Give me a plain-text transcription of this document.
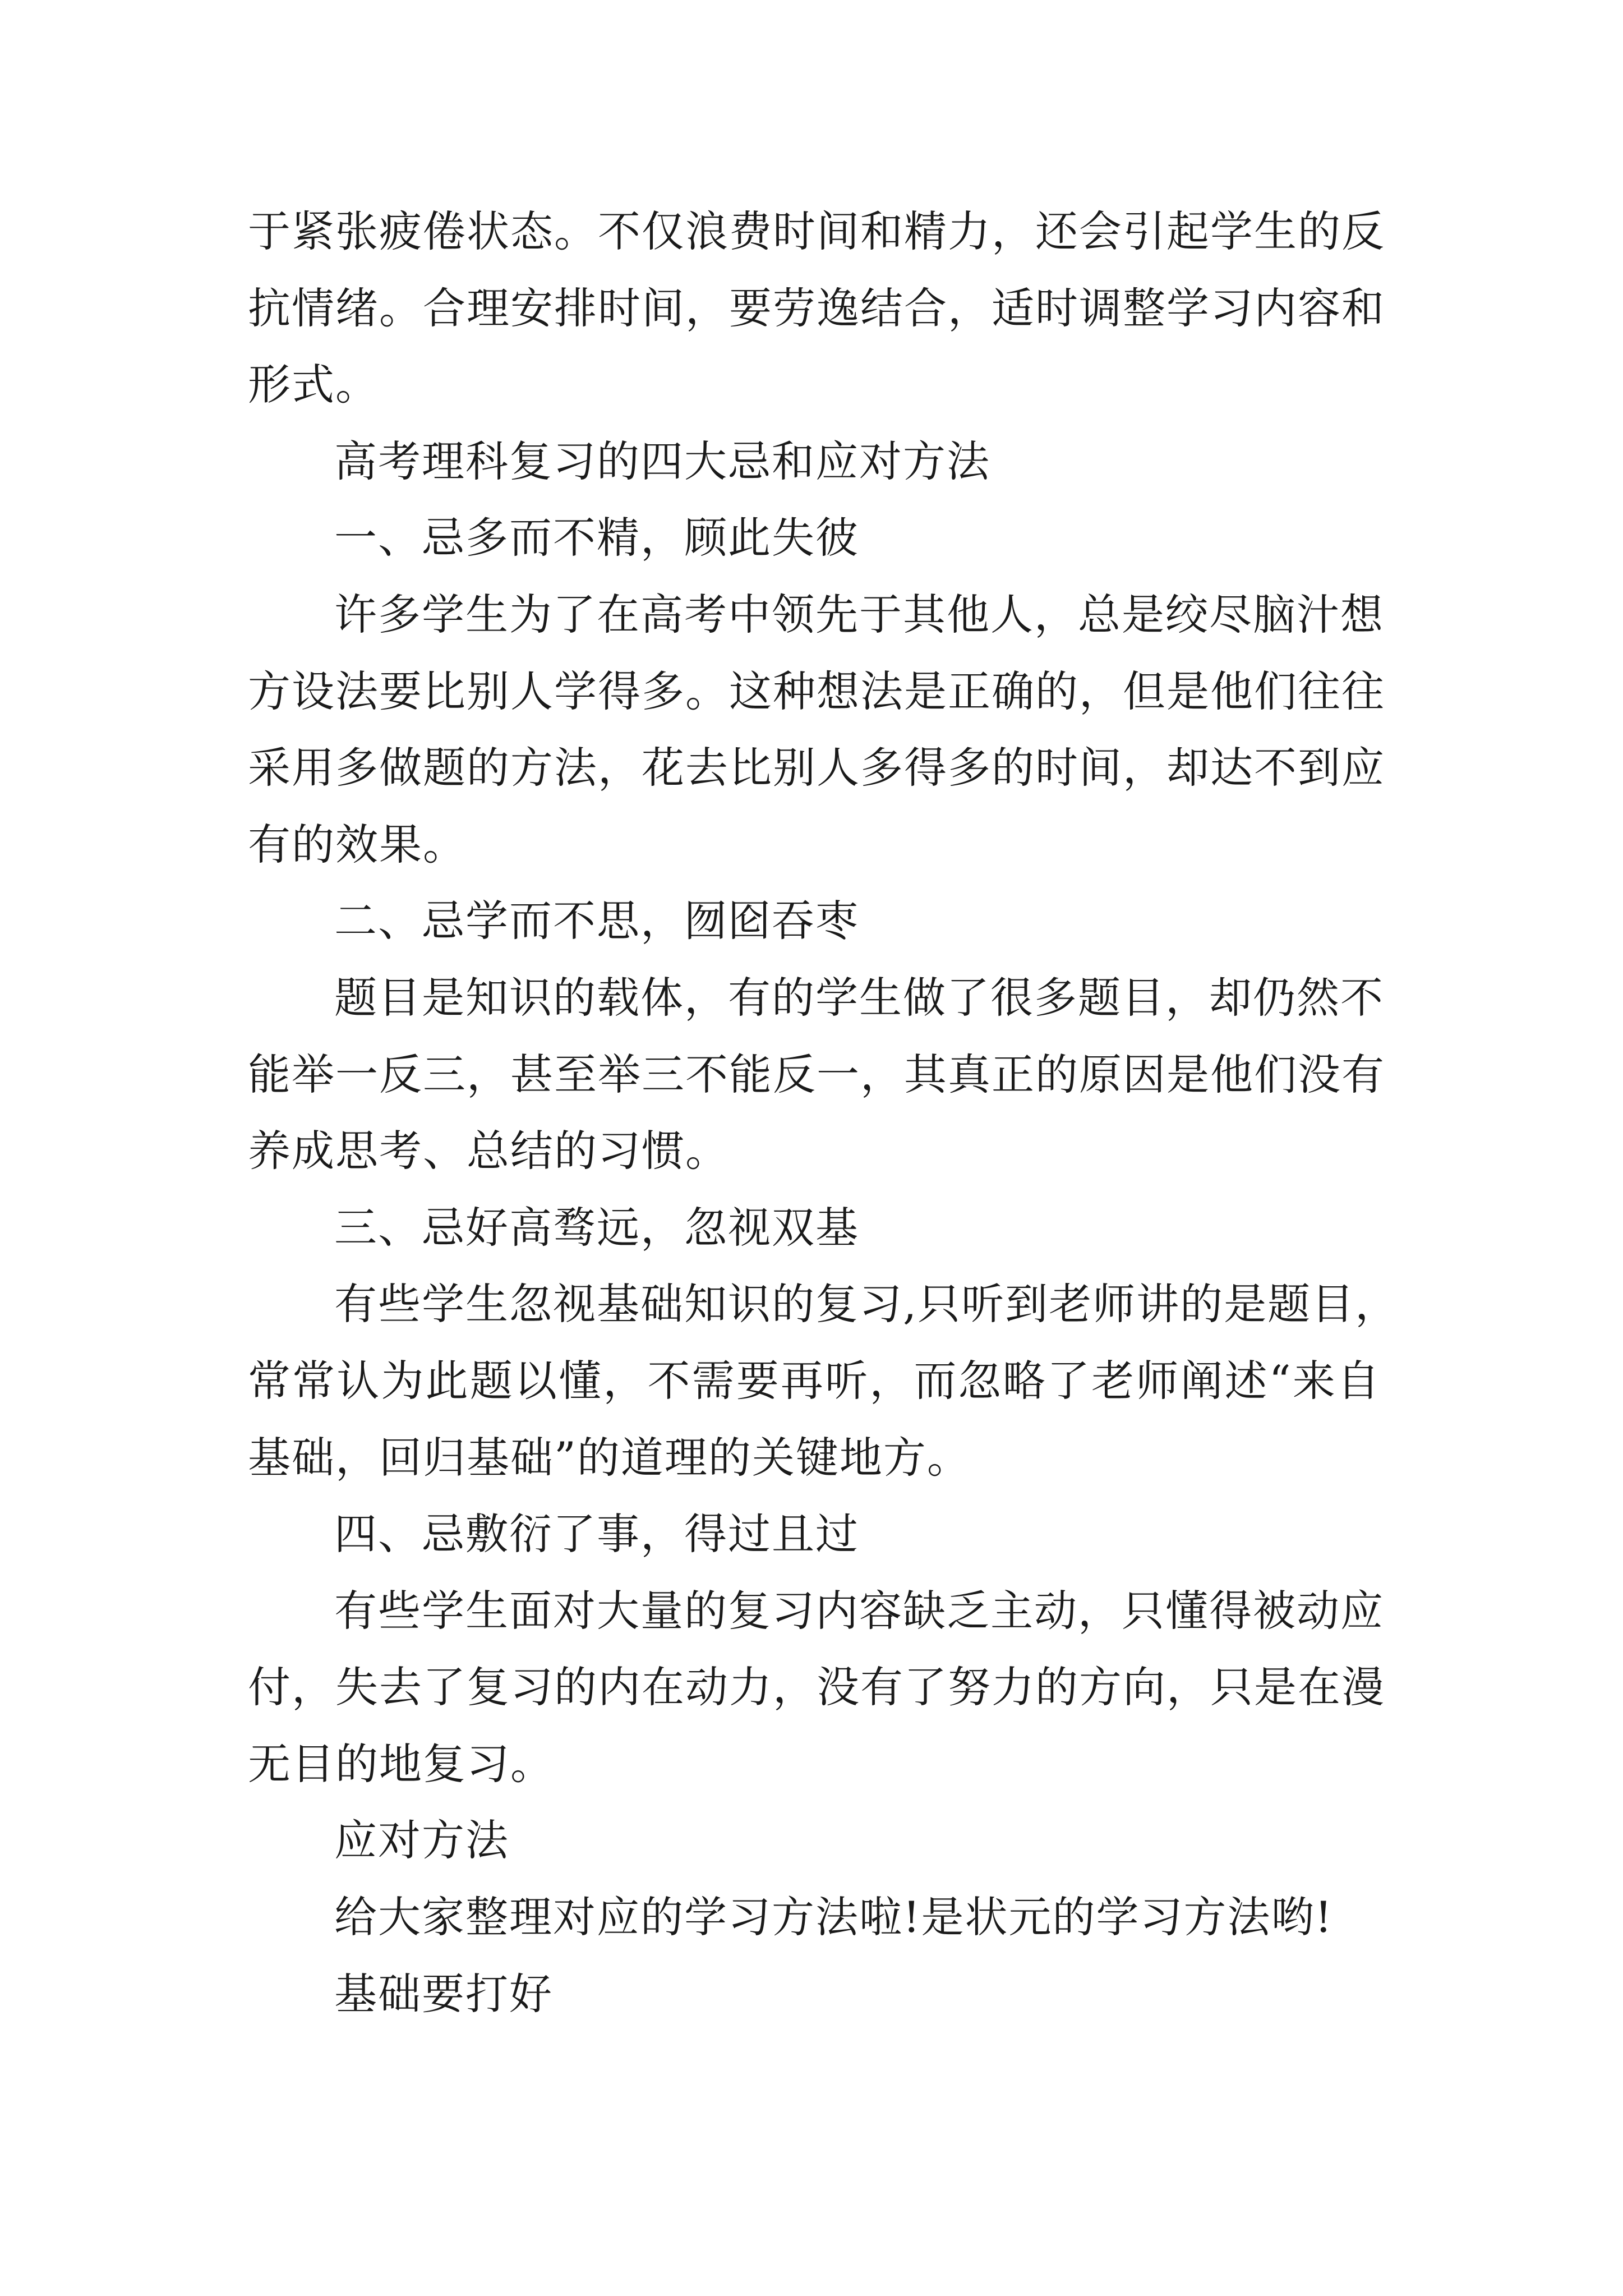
于紧张疲倦状态。不仅浪费时间和精力，还会引起学生的反
抗情绪。合理安排时间，要劳逸结合，适时调整学习内容和
形式。
高考理科复习的四大忌和应对方法
一、忌多而不精，顾此失彼
许多学生为了在高考中领先于其他人，总是绞尽脑汁想
方设法要比别人学得多。这种想法是正确的，但是他们往往
采用多做题的方法，花去比别人多得多的时间，却达不到应
有的效果。
二、忌学而不思，囫囵吞枣
题目是知识的载体，有的学生做了很多题目，却仍然不
能举一反三，甚至举三不能反一，其真正的原因是他们没有
养成思考、总结的习惯。
三、忌好高骛远，忽视双基
有些学生忽视基础知识的复习,只听到老师讲的是题目，
常常认为此题以懂，不需要再听，而忽略了老师阐述“来自
基础，回归基础”的道理的关键地方。
四、忌敷衍了事，得过且过
有些学生面对大量的复习内容缺乏主动，只懂得被动应
付，失去了复习的内在动力，没有了努力的方向，只是在漫
无目的地复习。
应对方法
给大家整理对应的学习方法啦!是状元的学习方法哟!
基础要打好
